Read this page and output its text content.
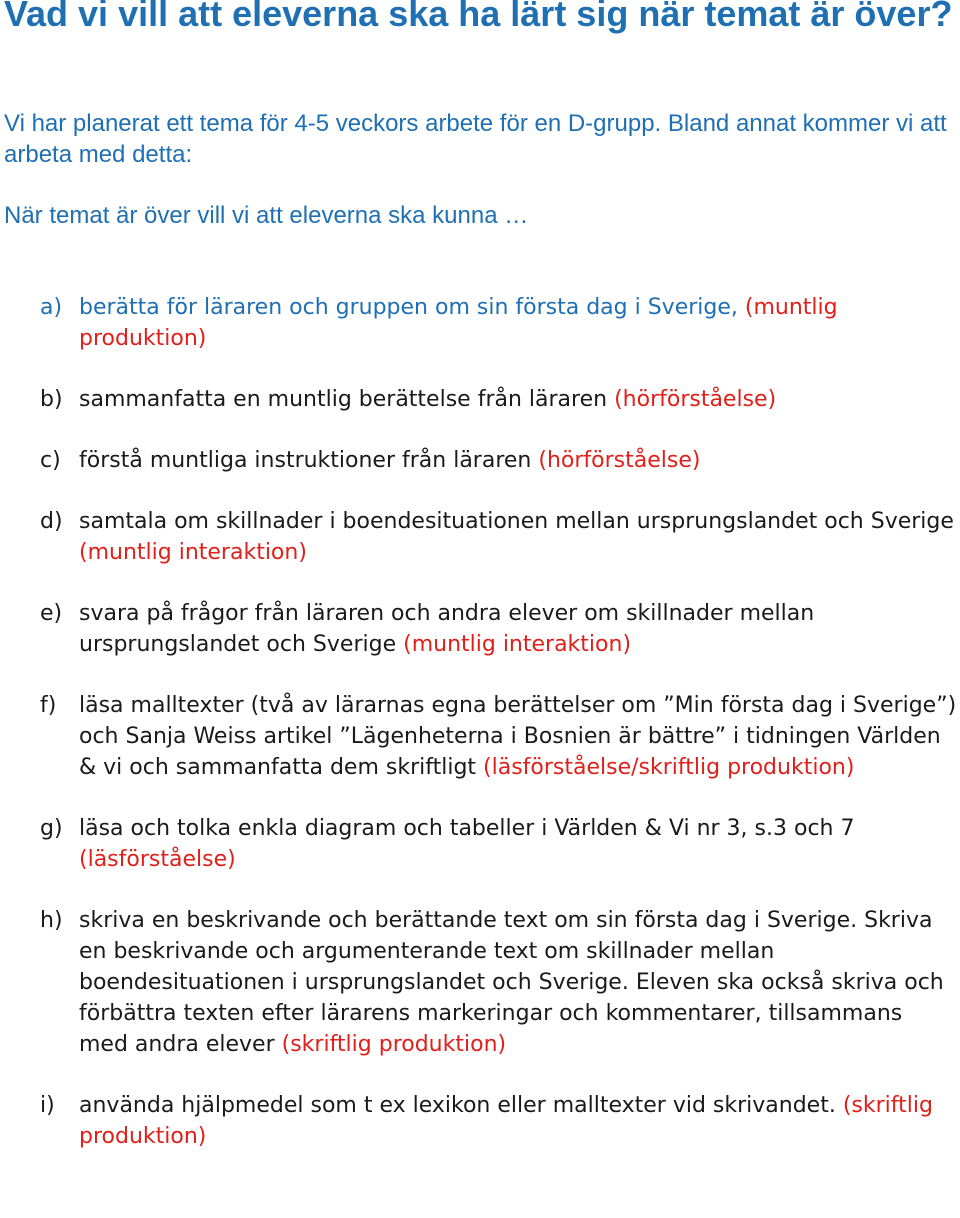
Vad vi vill att eleverna ska ha lärt sig när temat är över?

Vi har planerat ett tema för 4-5 veckors arbete för en D-grupp. Bland annat kommer vi att arbeta med detta:

När temat är över vill vi att eleverna ska kunna …

a) berätta för läraren och gruppen om sin första dag i Sverige, (muntlig produktion)
b) sammanfatta en muntlig berättelse från läraren (hörförståelse)
c) förstå muntliga instruktioner från läraren (hörförståelse)
d) samtala om skillnader i boendesituationen mellan ursprungslandet och Sverige (muntlig interaktion)
e) svara på frågor från läraren och andra elever om skillnader mellan ursprungslandet och Sverige (muntlig interaktion)
f)	läsa malltexter (två av lärarnas egna berättelser om ”Min första dag i Sverige”) och Sanja Weiss artikel ”Lägenheterna i Bosnien är bättre” i tidningen Världen & vi och sammanfatta dem skriftligt (läsförståelse/skriftlig produktion)
g) läsa och tolka enkla diagram och tabeller i Världen & Vi nr 3, s.3 och 7 (läsförståelse)
h) skriva en beskrivande och berättande text om sin första dag i Sverige. Skriva en beskrivande och argumenterande text om skillnader mellan boendesituationen i ursprungslandet och Sverige. Eleven ska också skriva och förbättra texten efter lärarens markeringar och kommentarer, tillsammans med andra elever (skriftlig produktion)
i)	använda hjälpmedel som t ex lexikon eller malltexter vid skrivandet. (skriftlig produktion)
